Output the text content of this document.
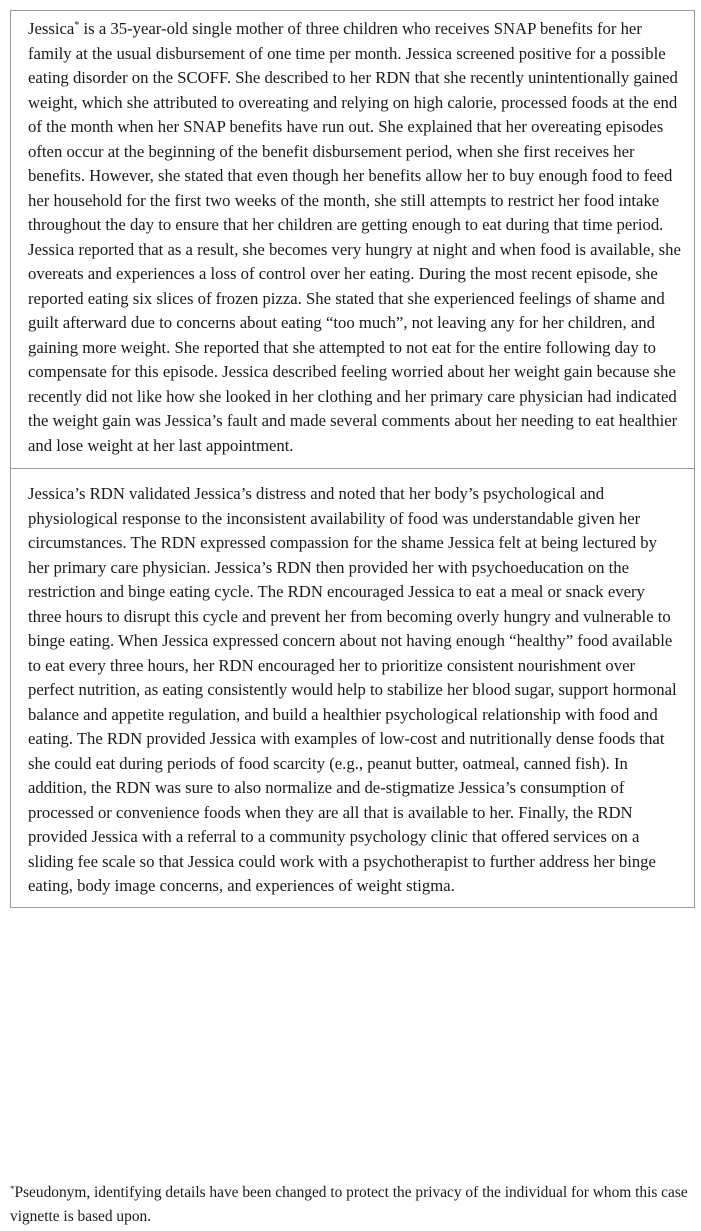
Jessica* is a 35-year-old single mother of three children who receives SNAP benefits for her family at the usual disbursement of one time per month. Jessica screened positive for a possible eating disorder on the SCOFF. She described to her RDN that she recently unintentionally gained weight, which she attributed to overeating and relying on high calorie, processed foods at the end of the month when her SNAP benefits have run out. She explained that her overeating episodes often occur at the beginning of the benefit disbursement period, when she first receives her benefits. However, she stated that even though her benefits allow her to buy enough food to feed her household for the first two weeks of the month, she still attempts to restrict her food intake throughout the day to ensure that her children are getting enough to eat during that time period. Jessica reported that as a result, she becomes very hungry at night and when food is available, she overeats and experiences a loss of control over her eating. During the most recent episode, she reported eating six slices of frozen pizza. She stated that she experienced feelings of shame and guilt afterward due to concerns about eating “too much”, not leaving any for her children, and gaining more weight. She reported that she attempted to not eat for the entire following day to compensate for this episode. Jessica described feeling worried about her weight gain because she recently did not like how she looked in her clothing and her primary care physician had indicated the weight gain was Jessica’s fault and made several comments about her needing to eat healthier and lose weight at her last appointment.
Jessica’s RDN validated Jessica’s distress and noted that her body’s psychological and physiological response to the inconsistent availability of food was understandable given her circumstances. The RDN expressed compassion for the shame Jessica felt at being lectured by her primary care physician. Jessica’s RDN then provided her with psychoeducation on the restriction and binge eating cycle. The RDN encouraged Jessica to eat a meal or snack every three hours to disrupt this cycle and prevent her from becoming overly hungry and vulnerable to binge eating. When Jessica expressed concern about not having enough “healthy” food available to eat every three hours, her RDN encouraged her to prioritize consistent nourishment over perfect nutrition, as eating consistently would help to stabilize her blood sugar, support hormonal balance and appetite regulation, and build a healthier psychological relationship with food and eating. The RDN provided Jessica with examples of low-cost and nutritionally dense foods that she could eat during periods of food scarcity (e.g., peanut butter, oatmeal, canned fish). In addition, the RDN was sure to also normalize and de-stigmatize Jessica’s consumption of processed or convenience foods when they are all that is available to her. Finally, the RDN provided Jessica with a referral to a community psychology clinic that offered services on a sliding fee scale so that Jessica could work with a psychotherapist to further address her binge eating, body image concerns, and experiences of weight stigma.
*Pseudonym, identifying details have been changed to protect the privacy of the individual for whom this case vignette is based upon.
